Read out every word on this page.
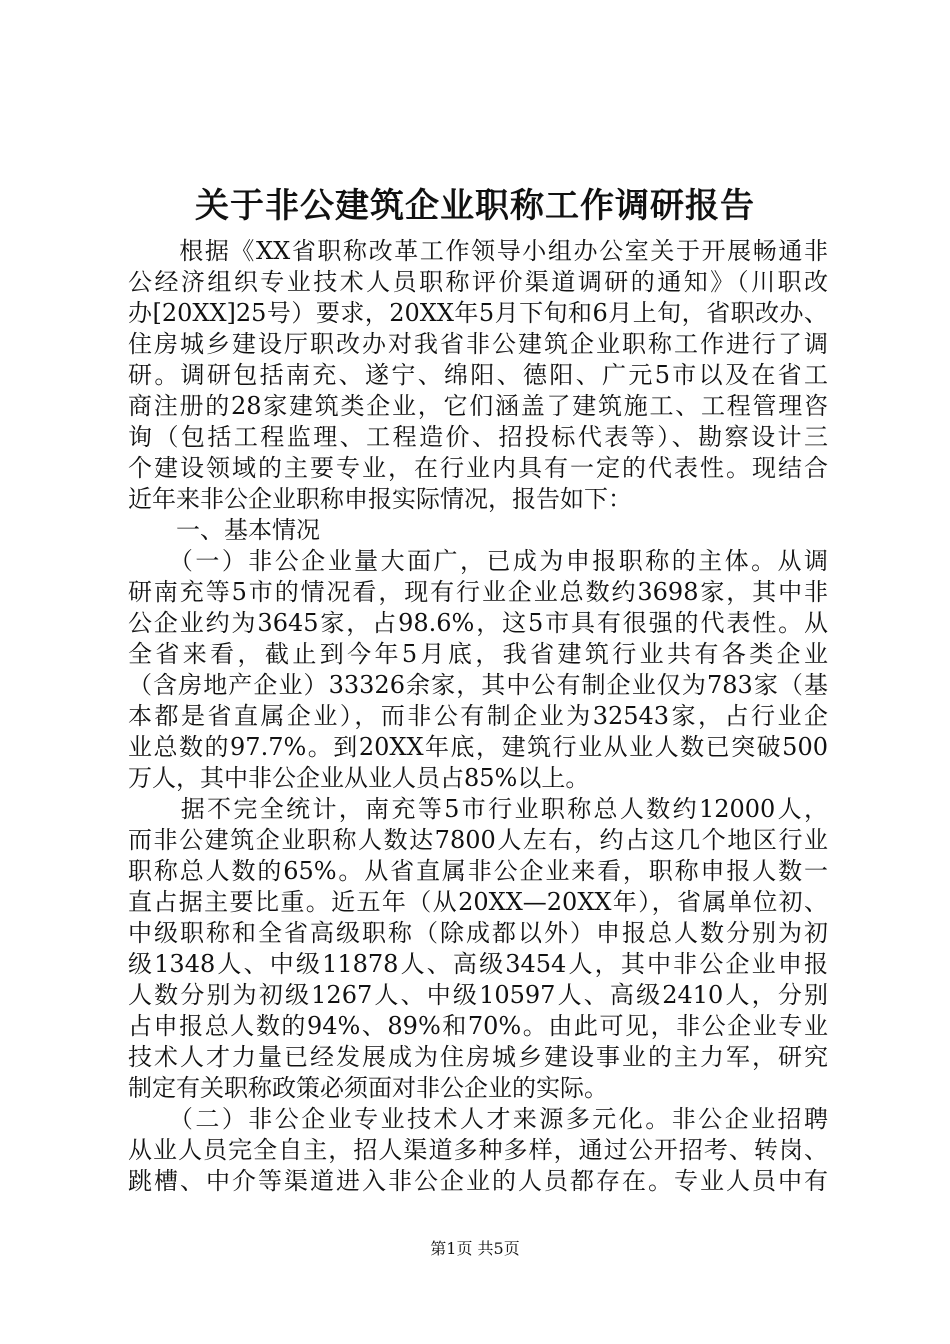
关于非公建筑企业职称工作调研报告
　　根据《XX省职称改革工作领导小组办公室关于开展畅通非
公经济组织专业技术人员职称评价渠道调研的通知》（川职改
办[20XX]25号）要求，20XX年5月下旬和6月上旬，省职改办、
住房城乡建设厅职改办对我省非公建筑企业职称工作进行了调
研。调研包括南充、遂宁、绵阳、德阳、广元5市以及在省工
商注册的28家建筑类企业，它们涵盖了建筑施工、工程管理咨
询（包括工程监理、工程造价、招投标代表等）、勘察设计三
个建设领域的主要专业，在行业内具有一定的代表性。现结合
近年来非公企业职称申报实际情况，报告如下：
　　一、基本情况
　　（一）非公企业量大面广，已成为申报职称的主体。从调
研南充等5市的情况看，现有行业企业总数约3698家，其中非
公企业约为3645家，占98.6%，这5市具有很强的代表性。从
全省来看，截止到今年5月底，我省建筑行业共有各类企业
（含房地产企业）33326余家，其中公有制企业仅为783家（基
本都是省直属企业），而非公有制企业为32543家，占行业企
业总数的97.7%。到20XX年底，建筑行业从业人数已突破500
万人，其中非公企业从业人员占85%以上。
　　据不完全统计，南充等5市行业职称总人数约12000人，
而非公建筑企业职称人数达7800人左右，约占这几个地区行业
职称总人数的65%。从省直属非公企业来看，职称申报人数一
直占据主要比重。近五年（从20XX—20XX年），省属单位初、
中级职称和全省高级职称（除成都以外）申报总人数分别为初
级1348人、中级11878人、高级3454人，其中非公企业申报
人数分别为初级1267人、中级10597人、高级2410人，分别
占申报总人数的94%、89%和70%。由此可见，非公企业专业
技术人才力量已经发展成为住房城乡建设事业的主力军，研究
制定有关职称政策必须面对非公企业的实际。
　　（二）非公企业专业技术人才来源多元化。非公企业招聘
从业人员完全自主，招人渠道多种多样，通过公开招考、转岗、
跳槽、中介等渠道进入非公企业的人员都存在。专业人员中有
第1页 共5页
